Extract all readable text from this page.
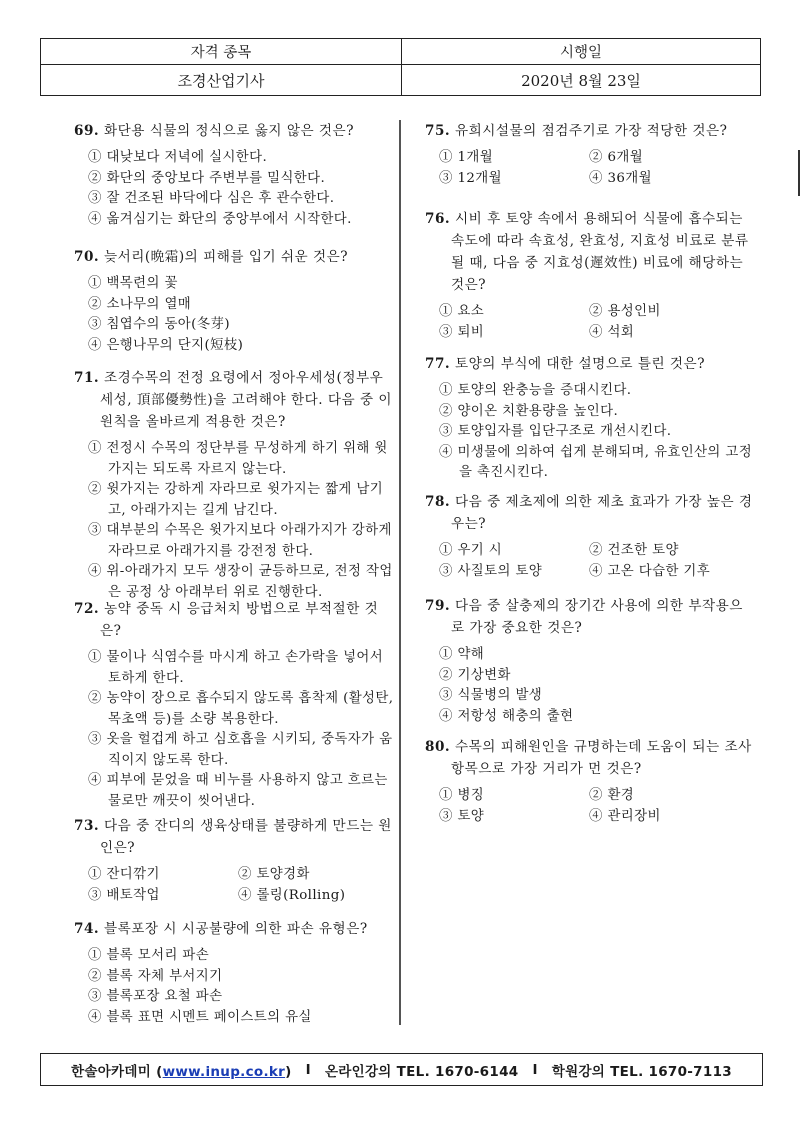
자격 종목	시행일
조경산업기사	2020년 8월 23일
69. 화단용 식물의 정식으로 옳지 않은 것은?
① 대낮보다 저녁에 실시한다.
② 화단의 중앙보다 주변부를 밀식한다.
③ 잘 건조된 바닥에다 심은 후 관수한다.
④ 옮겨심기는 화단의 중앙부에서 시작한다.
70. 늦서리(晩霜)의 피해를 입기 쉬운 것은?
① 백목련의 꽃
② 소나무의 열매
③ 침엽수의 동아(冬芽)
④ 은행나무의 단지(短枝)
71. 조경수목의 전정 요령에서 정아우세성(정부우세성, 頂部優勢性)을 고려해야 한다. 다음 중 이 원칙을 올바르게 적용한 것은?
① 전정시 수목의 정단부를 무성하게 하기 위해 윗가지는 되도록 자르지 않는다.
② 윗가지는 강하게 자라므로 윗가지는 짧게 남기고, 아래가지는 길게 남긴다.
③ 대부분의 수목은 윗가지보다 아래가지가 강하게 자라므로 아래가지를 강전정 한다.
④ 위-아래가지 모두 생장이 균등하므로, 전정 작업은 공정 상 아래부터 위로 진행한다.
72. 농약 중독 시 응급처치 방법으로 부적절한 것은?
① 물이나 식염수를 마시게 하고 손가락을 넣어서 토하게 한다.
② 농약이 장으로 흡수되지 않도록 흡착제 (활성탄, 목초액 등)를 소량 복용한다.
③ 옷을 헐겁게 하고 심호흡을 시키되, 중독자가 움직이지 않도록 한다.
④ 피부에 묻었을 때 비누를 사용하지 않고 흐르는 물로만 깨끗이 씻어낸다.
73. 다음 중 잔디의 생육상태를 불량하게 만드는 원인은?
① 잔디깎기	② 토양경화
③ 배토작업	④ 롤링(Rolling)
74. 블록포장 시 시공불량에 의한 파손 유형은?
① 블록 모서리 파손
② 블록 자체 부서지기
③ 블록포장 요철 파손
④ 블록 표면 시멘트 페이스트의 유실
75. 유희시설물의 점검주기로 가장 적당한 것은?
① 1개월	② 6개월
③ 12개월	④ 36개월
76. 시비 후 토양 속에서 용해되어 식물에 흡수되는 속도에 따라 속효성, 완효성, 지효성 비료로 분류 될 때, 다음 중 지효성(遲效性) 비료에 해당하는 것은?
① 요소	② 용성인비
③ 퇴비	④ 석회
77. 토양의 부식에 대한 설명으로 틀린 것은?
① 토양의 완충능을 증대시킨다.
② 양이온 치환용량을 높인다.
③ 토양입자를 입단구조로 개선시킨다.
④ 미생물에 의하여 쉽게 분해되며, 유효인산의 고정을 촉진시킨다.
78. 다음 중 제초제에 의한 제초 효과가 가장 높은 경우는?
① 우기 시	② 건조한 토양
③ 사질토의 토양	④ 고온 다습한 기후
79. 다음 중 살충제의 장기간 사용에 의한 부작용으로 가장 중요한 것은?
① 약해
② 기상변화
③ 식물병의 발생
④ 저항성 해충의 출현
80. 수목의 피해원인을 규명하는데 도움이 되는 조사항목으로 가장 거리가 먼 것은?
① 병징	② 환경
③ 토양	④ 관리장비
한솔아카데미 (www.inup.co.kr) I 온라인강의 TEL. 1670-6144 I 학원강의 TEL. 1670-7113
